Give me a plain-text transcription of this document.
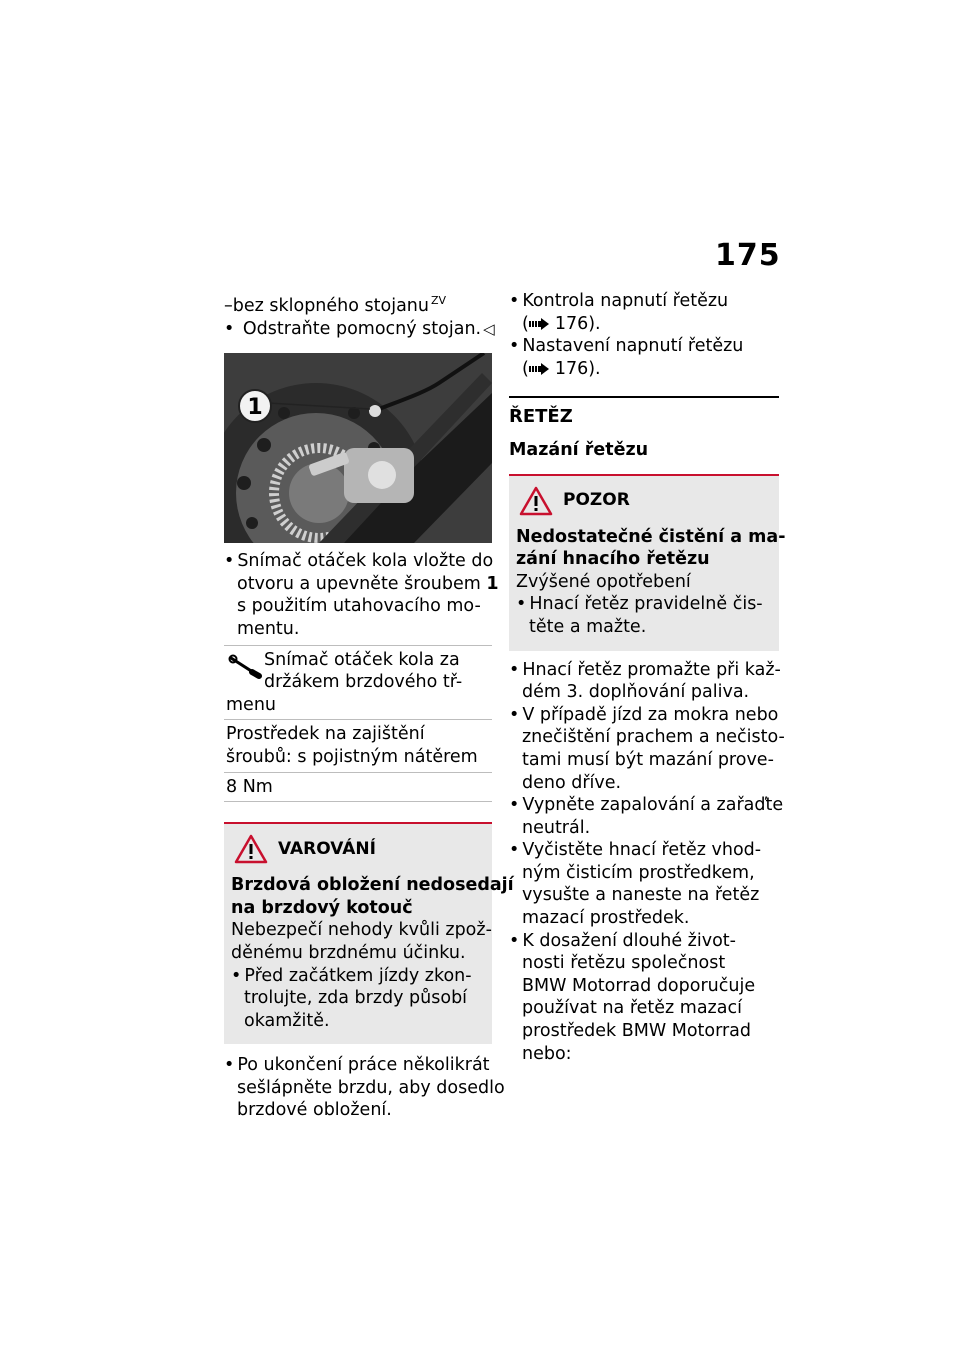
175
–bez sklopného stojanu $^{ZV}$
• Odstraňte pomocný stojan. ◁
1
• Snímač otáček kola vložte do
otvoru a upevněte šroubem 1
s použitím utahovacího mo-
mentu.
Snímač otáček kola za
držákem brzdového tř-
menu
Prostředek na zajištění
šroubů: s pojistným nátěrem
8 Nm
VAROVÁNÍ
Brzdová obložení nedosedají
na brzdový kotouč
Nebezpečí nehody kvůli zpož-
děnému brzdnému účinku.
• Před začátkem jízdy zkon-
trolujte, zda brzdy působí
okamžitě.
• Po ukončení práce několikrát
sešlápněte brzdu, aby dosedlo
brzdové obložení.
• Kontrola napnutí řetězu
( 176).
• Nastavení napnutí řetězu
( 176).
ŘETĚZ
Mazání řetězu
POZOR
Nedostatečné čistění a ma-
zání hnacího řetězu
Zvýšené opotřebení
• Hnací řetěz pravidelně čis-
těte a mažte.
• Hnací řetěz promažte při kaž-
dém 3. doplňování paliva.
• V případě jízd za mokra nebo
znečištění prachem a nečisto-
tami musí být mazání prove-
deno dříve.
• Vypněte zapalování a zařaďte
neutrál.
• Vyčistěte hnací řetěz vhod-
ným čisticím prostředkem,
vysušte a naneste na řetěz
mazací prostředek.
• K dosažení dlouhé život-
nosti řetězu společnost
BMW Motorrad doporučuje
používat na řetěz mazací
prostředek BMW Motorrad
nebo:
